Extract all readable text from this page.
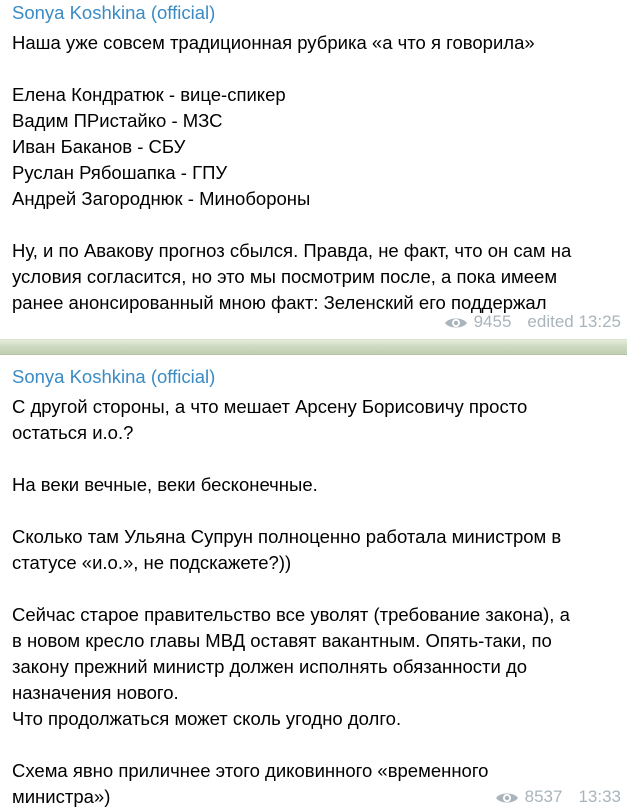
Sonya Koshkina (official)
Наша уже совсем традиционная рубрика «а что я говорила»
Елена Кондратюк - вице-спикер
Вадим ПРистайко - МЗС
Иван Баканов - СБУ
Руслан Рябошапка - ГПУ
Андрей Загороднюк - Минобороны
Ну, и по Авакову прогноз сбылся. Правда, не факт, что он сам на
условия согласится, но это мы посмотрим после, а пока имеем
ранее анонсированный мною факт: Зеленский его поддержал
9455 edited 13:25
Sonya Koshkina (official)
С другой стороны, а что мешает Арсену Борисовичу просто
остаться и.о.?
На веки вечные, веки бесконечные.
Сколько там Ульяна Супрун полноценно работала министром в
статусе «и.о.», не подскажете?))
Сейчас старое правительство все уволят (требование закона), а
в новом кресло главы МВД оставят вакантным. Опять-таки, по
закону прежний министр должен исполнять обязанности до
назначения нового.
Что продолжаться может сколь угодно долго.
Схема явно приличнее этого диковинного «временного
министра»)	8537 13:33
